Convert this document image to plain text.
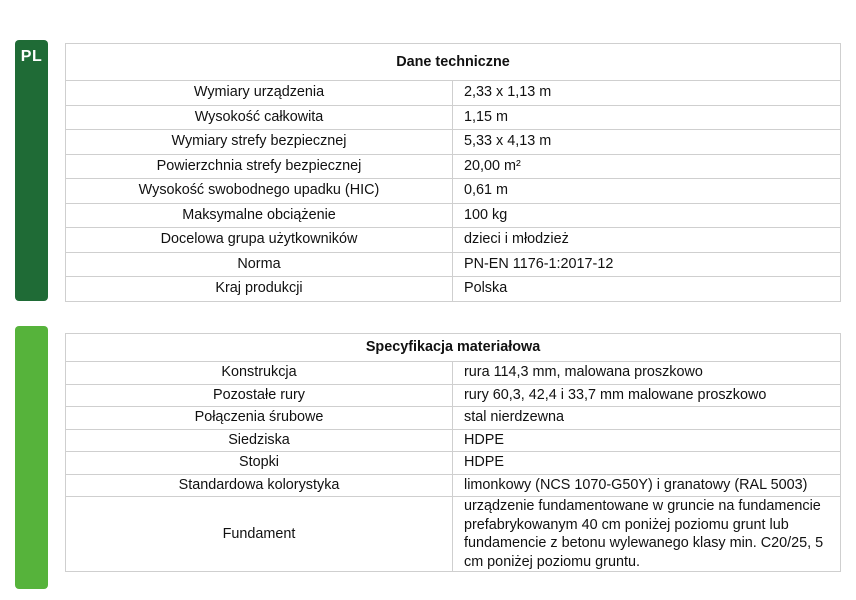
PL	Dane techniczne	
Wymiary urządzenia	2,33 x 1,13 m
Wysokość całkowita	1,15 m
Wymiary strefy bezpiecznej	5,33 x 4,13 m
Powierzchnia strefy bezpiecznej	20,00 m²
Wysokość swobodnego upadku (HIC)	0,61 m
Maksymalne obciążenie	100 kg
Docelowa grupa użytkowników	dzieci i młodzież
Norma	PN-EN 1176-1:2017-12
Kraj produkcji	Polska
Specyfikacja materiałowa	
Konstrukcja	rura 114,3 mm, malowana proszkowo
Pozostałe rury	rury 60,3, 42,4 i 33,7 mm malowane proszkowo
Połączenia śrubowe	stal nierdzewna
Siedziska	HDPE
Stopki	HDPE
Standardowa kolorystyka	limonkowy (NCS 1070-G50Y) i granatowy (RAL 5003)
Fundament	urządzenie fundamentowane w gruncie na fundamencie prefabrykowanym 40 cm poniżej poziomu grunt lub fundamencie z betonu wylewanego klasy min. C20/25, 5 cm poniżej poziomu gruntu.
